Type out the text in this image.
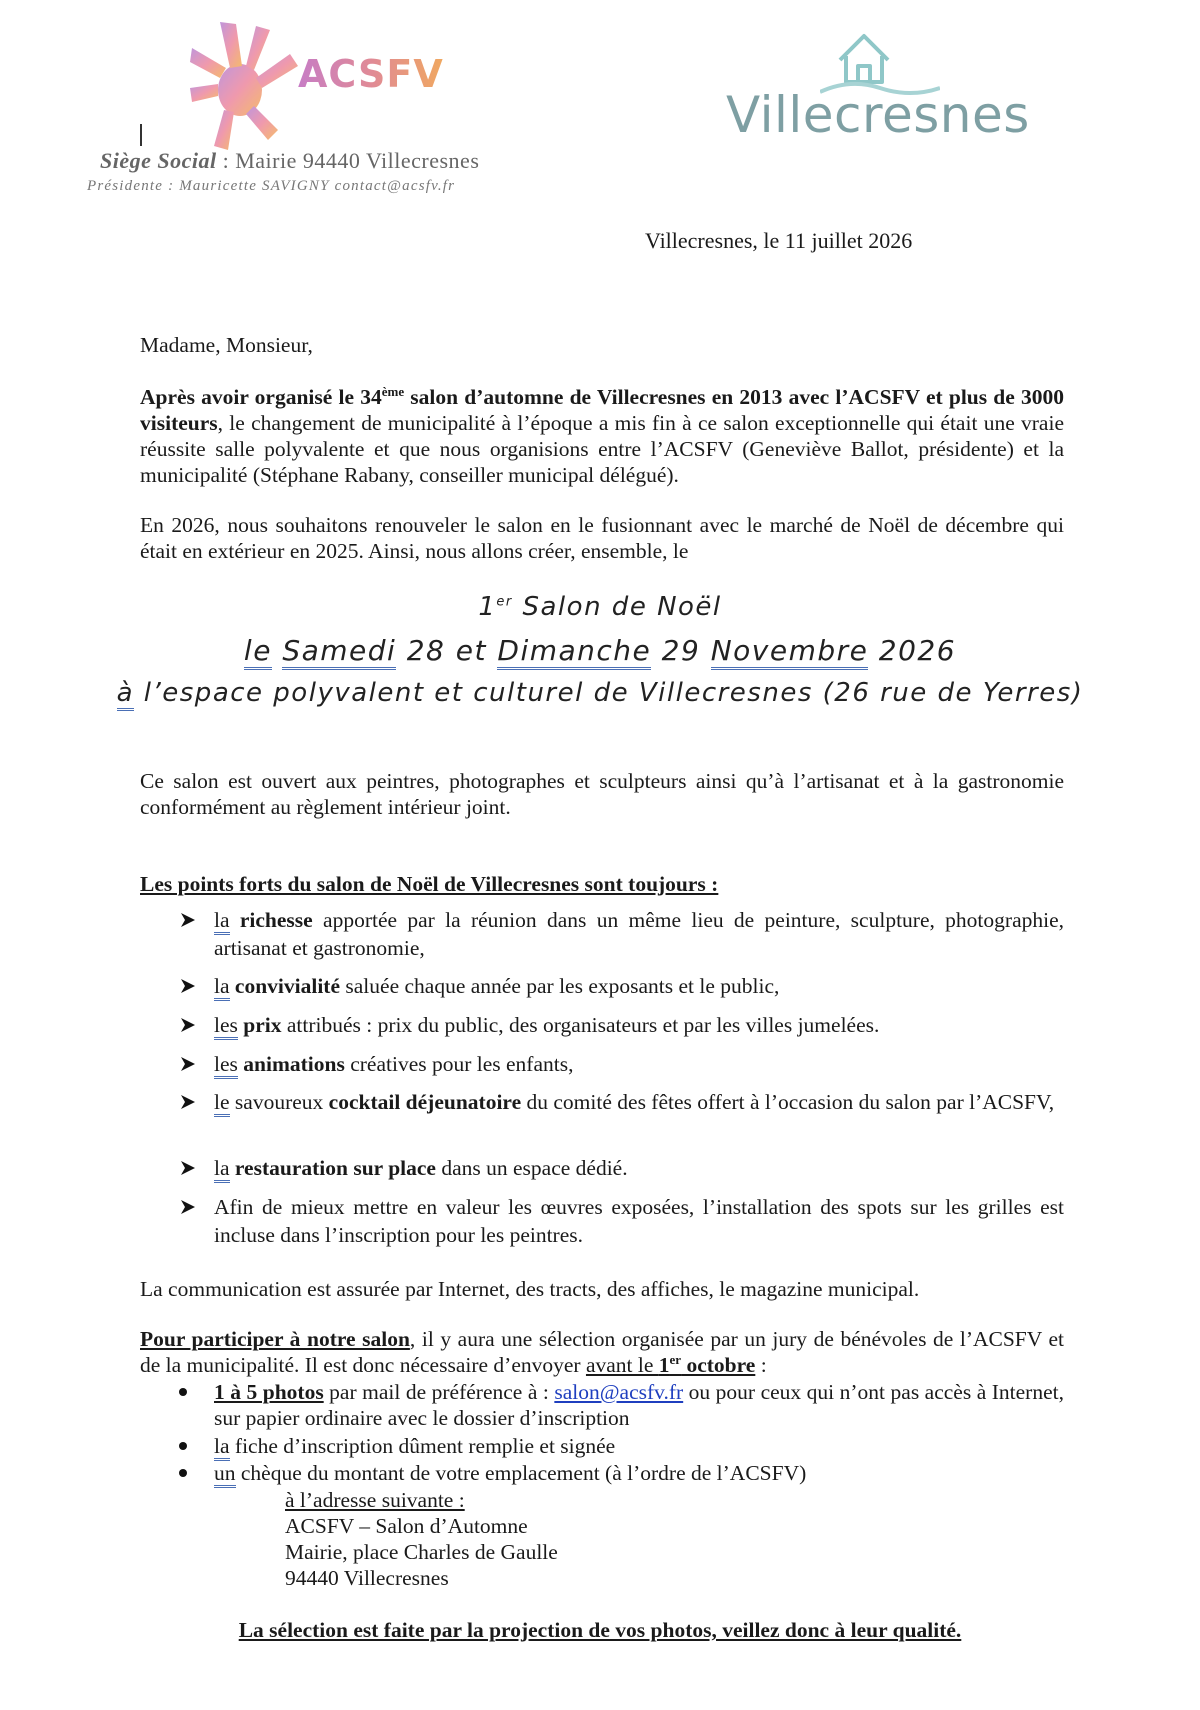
ACSFV
Siège Social : Mairie 94440 Villecresnes
Présidente : Mauricette SAVIGNY contact@acsfv.fr
Villecresnes
Villecresnes, le 11 juillet 2026
Madame, Monsieur,
Après avoir organisé le 34ème salon d’automne de Villecresnes en 2013 avec l’ACSFV et plus de 3000 visiteurs, le changement de municipalité à l’époque a mis fin à ce salon exceptionnelle qui était une vraie réussite salle polyvalente et que nous organisions entre l’ACSFV (Geneviève Ballot, présidente) et la municipalité (Stéphane Rabany, conseiller municipal délégué).
En 2026, nous souhaitons renouveler le salon en le fusionnant avec le marché de Noël de décembre qui était en extérieur en 2025. Ainsi, nous allons créer, ensemble, le
1er Salon de Noël
le Samedi 28 et Dimanche 29 Novembre 2026
à l’espace polyvalent et culturel de Villecresnes (26 rue de Yerres)
Ce salon est ouvert aux peintres, photographes et sculpteurs ainsi qu’à l’artisanat et à la gastronomie conformément au règlement intérieur joint.
Les points forts du salon de Noël de Villecresnes sont toujours :
la richesse apportée par la réunion dans un même lieu de peinture, sculpture, photographie, artisanat et gastronomie,
la convivialité saluée chaque année par les exposants et le public,
les prix attribués : prix du public, des organisateurs et par les villes jumelées.
les animations créatives pour les enfants,
le savoureux cocktail déjeunatoire du comité des fêtes offert à l’occasion du salon par l’ACSFV,
la restauration sur place dans un espace dédié.
Afin de mieux mettre en valeur les œuvres exposées, l’installation des spots sur les grilles est incluse dans l’inscription pour les peintres.
La communication est assurée par Internet, des tracts, des affiches, le magazine municipal.
Pour participer à notre salon, il y aura une sélection organisée par un jury de bénévoles de l’ACSFV et de la municipalité. Il est donc nécessaire d’envoyer avant le 1er octobre :
1 à 5 photos par mail de préférence à : salon@acsfv.fr ou pour ceux qui n’ont pas accès à Internet, sur papier ordinaire avec le dossier d’inscription
la fiche d’inscription dûment remplie et signée
un chèque du montant de votre emplacement (à l’ordre de l’ACSFV)
à l’adresse suivante :
ACSFV – Salon d’Automne
Mairie, place Charles de Gaulle
94440 Villecresnes
La sélection est faite par la projection de vos photos, veillez donc à leur qualité.
